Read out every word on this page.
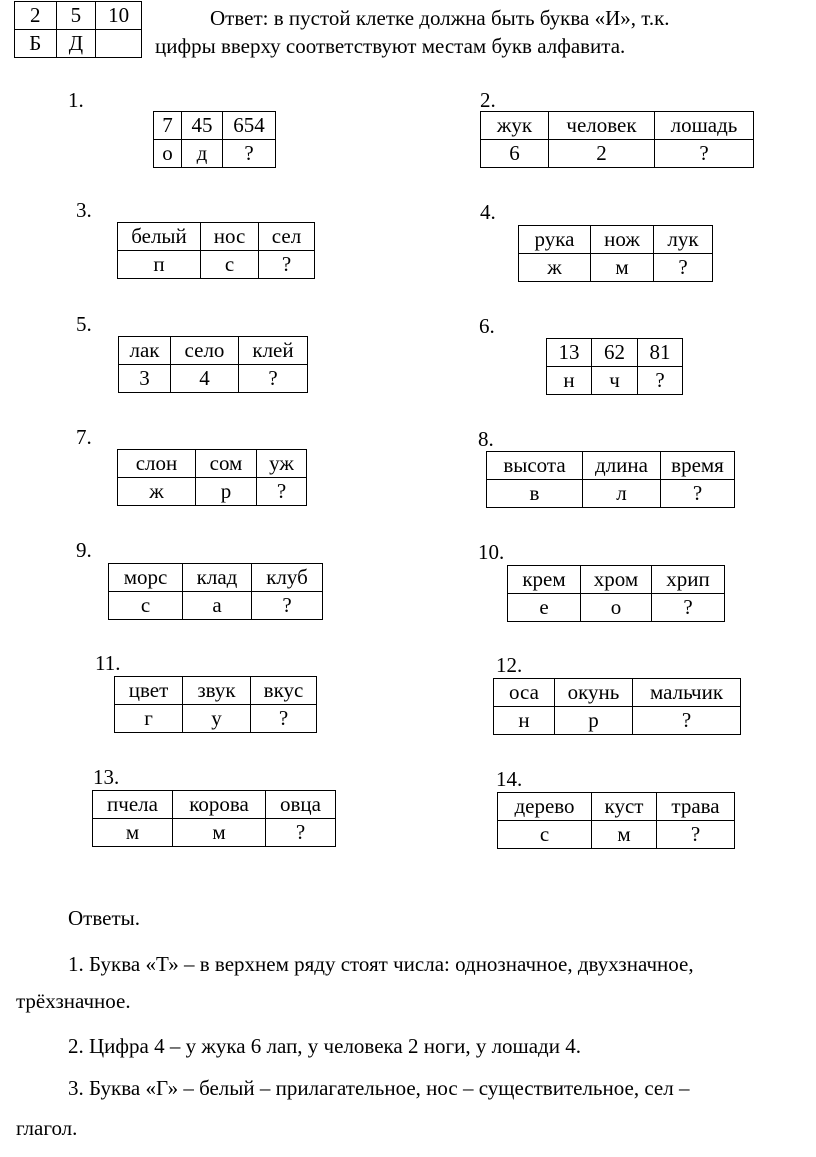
2	5	10
Б	Д	
Ответ: в пустой клетке должна быть буква «И», т.к.
цифры вверху соответствуют местам букв алфавита.
1.	2.
3.	4.
5.	6.
7.	8.
9.	10.
11.	12.
13.	14.
7	45	654
о	д	?
жук	человек	лошадь
6	2	?
белый	нос	сел
п	с	?
рука	нож	лук
ж	м	?
лак	село	клей
3	4	?
13	62	81
н	ч	?
слон	сом	уж
ж	р	?
высота	длина	время
в	л	?
морс	клад	клуб
с	а	?
крем	хром	хрип
е	о	?
цвет	звук	вкус
г	у	?
оса	окунь	мальчик
н	р	?
пчела	корова	овца
м	м	?
дерево	куст	трава
с	м	?
Ответы.
1. Буква «Т» – в верхнем ряду стоят числа: однозначное, двухзначное,
трёхзначное.
2. Цифра 4 – у жука 6 лап, у человека 2 ноги, у лошади 4.
3. Буква «Г» – белый – прилагательное, нос – существительное, сел –
глагол.
